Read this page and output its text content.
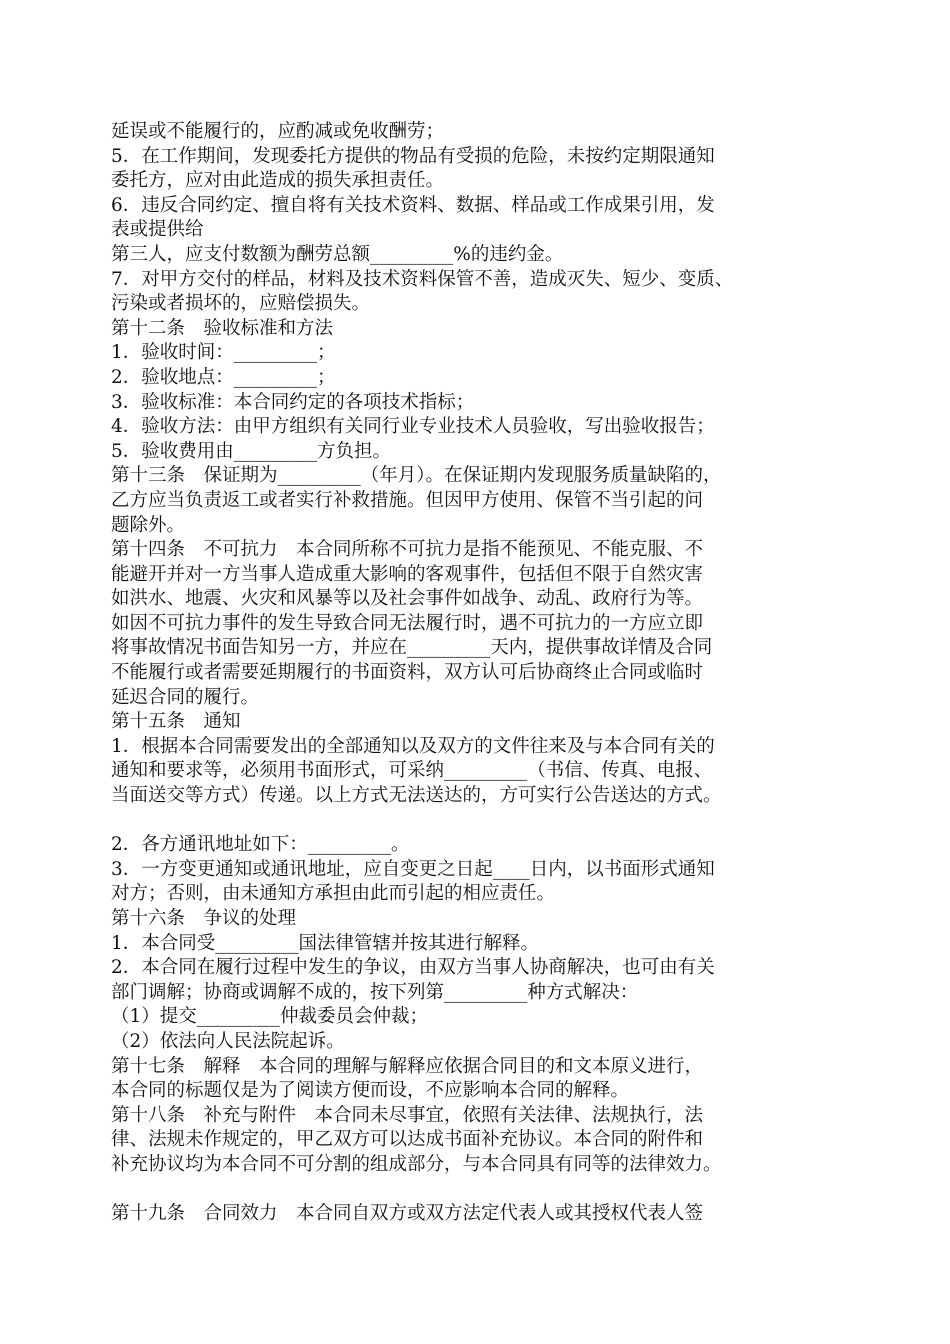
延误或不能履行的，应酌减或免收酬劳；
5．在工作期间，发现委托方提供的物品有受损的危险，未按约定期限通知
委托方，应对由此造成的损失承担责任。
6．违反合同约定、擅自将有关技术资料、数据、样品或工作成果引用，发
表或提供给
第三人，应支付数额为酬劳总额_________%的违约金。
7．对甲方交付的样品，材料及技术资料保管不善，造成灭失、短少、变质、
污染或者损坏的，应赔偿损失。
第十二条　验收标准和方法
1．验收时间：_________；
2．验收地点：_________；
3．验收标准：本合同约定的各项技术指标；
4．验收方法：由甲方组织有关同行业专业技术人员验收，写出验收报告；
5．验收费用由_________方负担。
第十三条　保证期为_________（年月）。在保证期内发现服务质量缺陷的，
乙方应当负责返工或者实行补救措施。但因甲方使用、保管不当引起的问
题除外。
第十四条　不可抗力　本合同所称不可抗力是指不能预见、不能克服、不
能避开并对一方当事人造成重大影响的客观事件，包括但不限于自然灾害
如洪水、地震、火灾和风暴等以及社会事件如战争、动乱、政府行为等。
如因不可抗力事件的发生导致合同无法履行时，遇不可抗力的一方应立即
将事故情况书面告知另一方，并应在_________天内，提供事故详情及合同
不能履行或者需要延期履行的书面资料，双方认可后协商终止合同或临时
延迟合同的履行。
第十五条　通知
1．根据本合同需要发出的全部通知以及双方的文件往来及与本合同有关的
通知和要求等，必须用书面形式，可采纳_________（书信、传真、电报、
当面送交等方式）传递。以上方式无法送达的，方可实行公告送达的方式。
2．各方通讯地址如下：_________。
3．一方变更通知或通讯地址，应自变更之日起____日内，以书面形式通知
对方；否则，由未通知方承担由此而引起的相应责任。
第十六条　争议的处理
1．本合同受_________国法律管辖并按其进行解释。
2．本合同在履行过程中发生的争议，由双方当事人协商解决，也可由有关
部门调解；协商或调解不成的，按下列第_________种方式解决：
（1）提交_________仲裁委员会仲裁；
（2）依法向人民法院起诉。
第十七条　解释　本合同的理解与解释应依据合同目的和文本原义进行，
本合同的标题仅是为了阅读方便而设，不应影响本合同的解释。
第十八条　补充与附件　本合同未尽事宜，依照有关法律、法规执行，法
律、法规未作规定的，甲乙双方可以达成书面补充协议。本合同的附件和
补充协议均为本合同不可分割的组成部分，与本合同具有同等的法律效力。
第十九条　合同效力　本合同自双方或双方法定代表人或其授权代表人签
